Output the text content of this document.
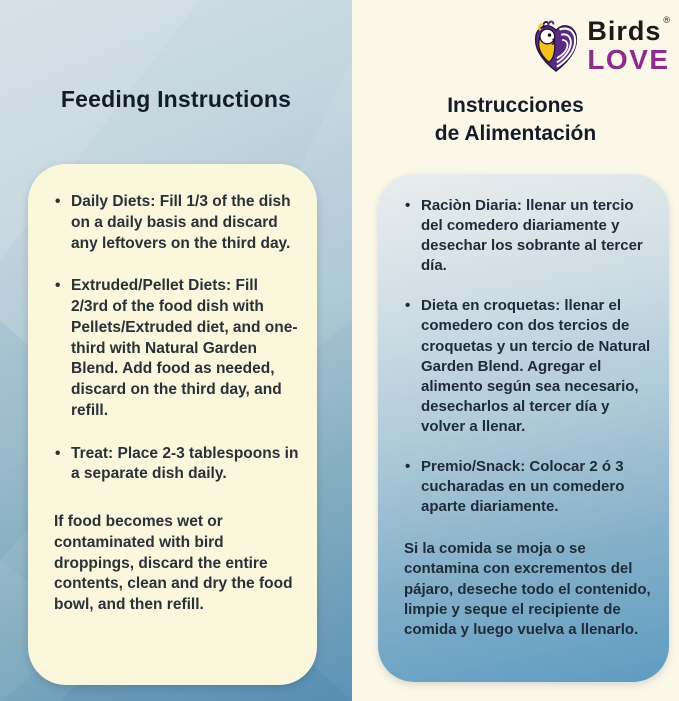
Feeding Instructions
• Daily Diets: Fill 1/3 of the dish on a daily basis and discard any leftovers on the third day.
• Extruded/Pellet Diets: Fill 2/3rd of the food dish with Pellets/Extruded diet, and one-third with Natural Garden Blend. Add food as needed, discard on the third day, and refill.
• Treat: Place 2-3 tablespoons in a separate dish daily.
If food becomes wet or contaminated with bird droppings, discard the entire contents, clean and dry the food bowl, and then refill.
Birds ®
LOVE
Instrucciones
de Alimentación
• Raciòn Diaria: llenar un tercio del comedero diariamente y desechar los sobrante al tercer día.
• Dieta en croquetas: llenar el comedero con dos tercios de croquetas y un tercio de Natural Garden Blend. Agregar el alimento según sea necesario, desecharlos al tercer día y volver a llenar.
• Premio/Snack: Colocar 2 ó 3 cucharadas en un comedero aparte diariamente.
Si la comida se moja o se contamina con excrementos del pájaro, deseche todo el contenido, limpie y seque el recipiente de comida y luego vuelva a llenarlo.
